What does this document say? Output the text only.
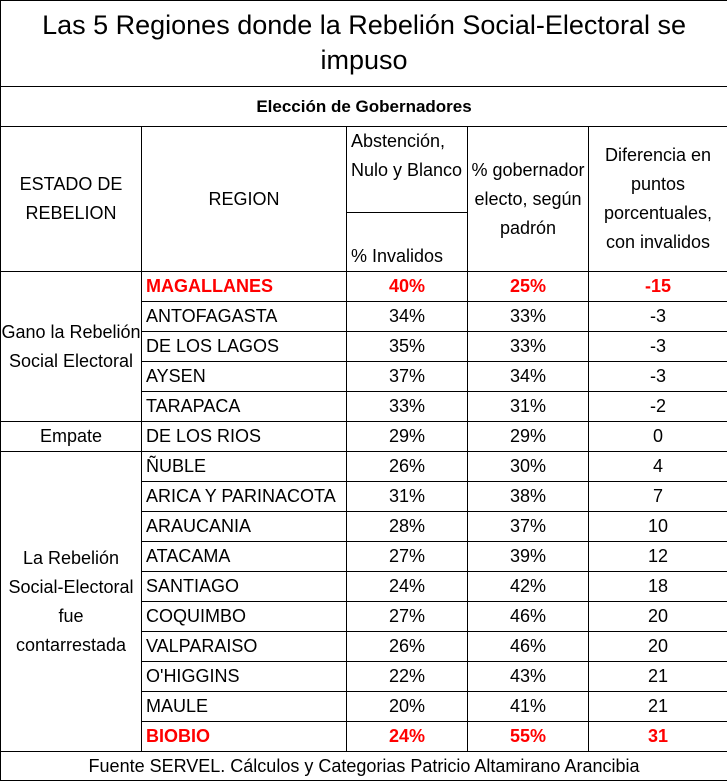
Las 5 Regiones donde la Rebelión Social-Electoral se impuso				
Elección de Gobernadores				
ESTADO DE REBELION	REGION	Abstención, Nulo y Blanco	% gobernador electo, según padrón	Diferencia en puntos porcentuales, con invalidos
		% Invalidos		
Gano la Rebelión Social Electoral	MAGALLANES	40%	25%	-15
	ANTOFAGASTA	34%	33%	-3
	DE LOS LAGOS	35%	33%	-3
	AYSEN	37%	34%	-3
	TARAPACA	33%	31%	-2
Empate	DE LOS RIOS	29%	29%	0
La Rebelión Social-Electoral fue contarrestada	ÑUBLE	26%	30%	4
	ARICA Y PARINACOTA	31%	38%	7
	ARAUCANIA	28%	37%	10
	ATACAMA	27%	39%	12
	SANTIAGO	24%	42%	18
	COQUIMBO	27%	46%	20
	VALPARAISO	26%	46%	20
	O'HIGGINS	22%	43%	21
	MAULE	20%	41%	21
	BIOBIO	24%	55%	31
Fuente SERVEL. Cálculos y Categorias Patricio Altamirano Arancibia				
